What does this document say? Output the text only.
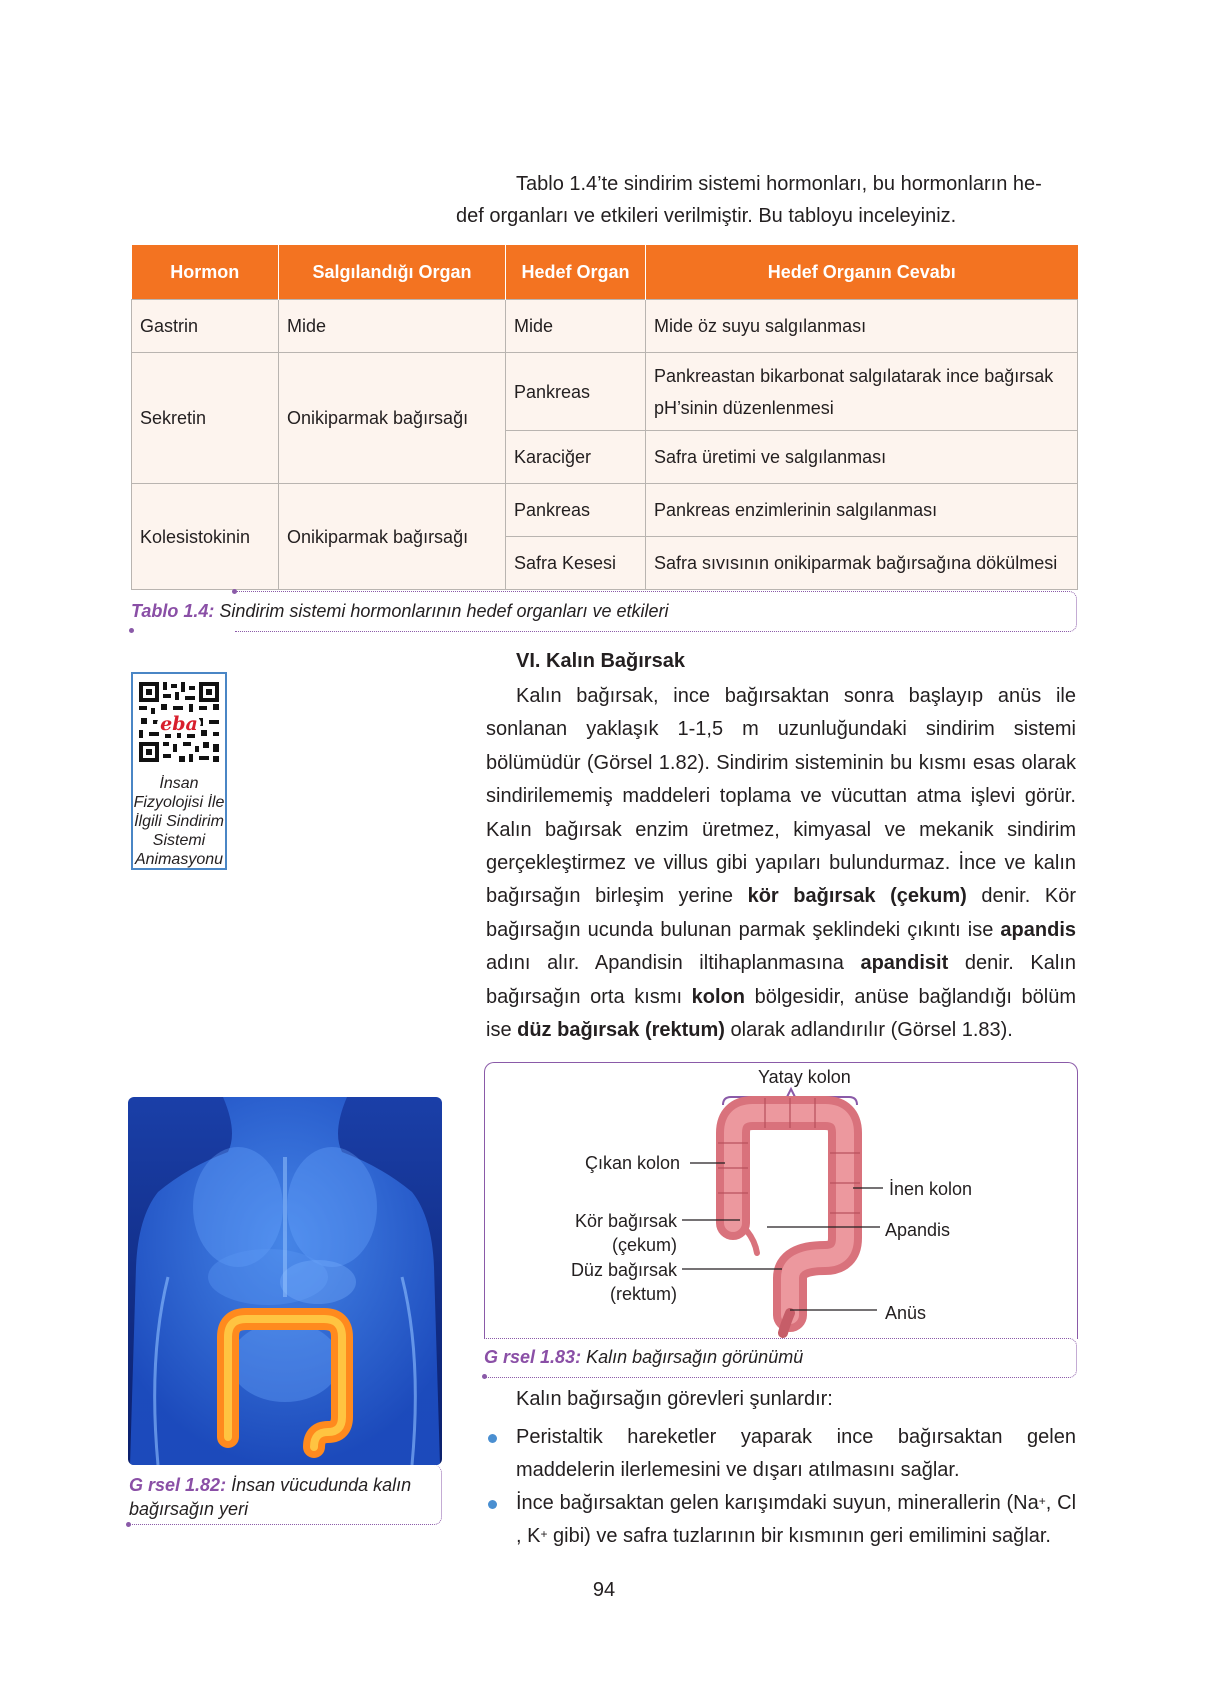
Tablo 1.4’te sindirim sistemi hormonları, bu hormonların he-
def organları ve etkileri verilmiştir. Bu tabloyu inceleyiniz.
Hormon	Salgılandığı Organ	Hedef Organ	Hedef Organın Cevabı
Gastrin	Mide	Mide	Mide öz suyu salgılanması
Sekretin	Onikiparmak bağırsağı	Pankreas	Pankreastan bikarbonat salgılatarak ince bağırsak pH’sinin düzenlenmesi
		Karaciğer	Safra üretimi ve salgılanması
Kolesistokinin	Onikiparmak bağırsağı	Pankreas	Pankreas enzimlerinin salgılanması
		Safra Kesesi	Safra sıvısının onikiparmak bağırsağına dökülmesi
Tablo 1.4: Sindirim sistemi hormonlarının hedef organları ve etkileri
eba
İnsan Fizyolojisi İle İlgili Sindirim Sistemi Animasyonu
VI. Kalın Bağırsak
Kalın bağırsak, ince bağırsaktan sonra başlayıp anüs ile sonlanan yaklaşık 1-1,5 m uzunluğundaki sindirim sistemi bölümüdür (Görsel 1.82). Sindirim sisteminin bu kısmı esas olarak sindirilememiş maddeleri toplama ve vücuttan atma işlevi görür. Kalın bağırsak enzim üretmez, kimyasal ve mekanik sindirim gerçekleştirmez ve villus gibi yapıları bulundurmaz. İnce ve kalın bağırsağın birleşim yerine kör bağırsak (çekum) denir. Kör bağırsağın ucunda bulunan parmak şeklindeki çıkıntı ise apandis adını alır. Apandisin iltihaplanmasına apandisit denir. Kalın bağırsağın orta kısmı kolon bölgesidir, anüse bağlandığı bölüm ise düz bağırsak (rektum) olarak adlandırılır (Görsel 1.83).
G rsel 1.82: İnsan vücudunda kalın bağırsağın yeri
Yatay kolon
Çıkan kolon
İnen kolon
Kör bağırsak
(çekum)
Apandis
Düz bağırsak
(rektum)
Anüs
G rsel 1.83: Kalın bağırsağın görünümü
Kalın bağırsağın görevleri şunlardır:
Peristaltik hareketler yaparak ince bağırsaktan gelen maddelerin ilerlemesini ve dışarı atılmasını sağlar.
İnce bağırsaktan gelen karışımdaki suyun, minerallerin (Na+, Cl , K+ gibi) ve safra tuzlarının bir kısmının geri emilimini sağlar.
94
